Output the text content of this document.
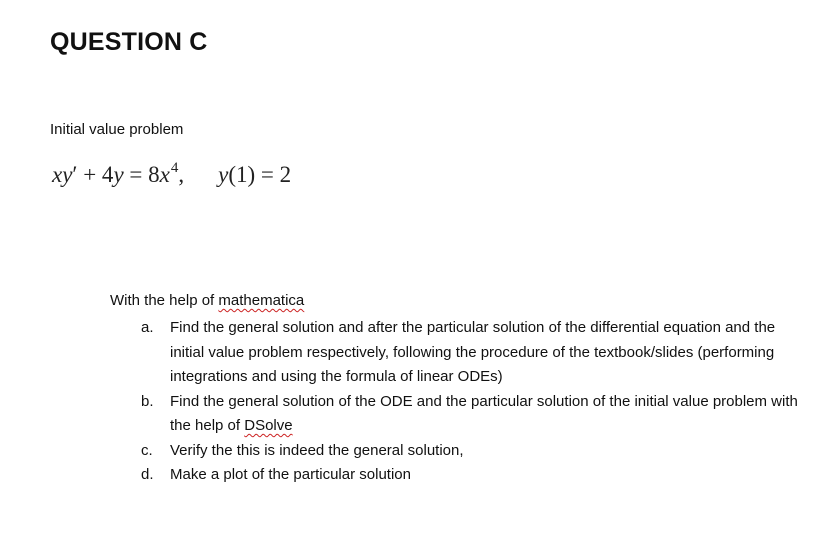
QUESTION C
Initial value problem
$xy' + 4y = 8x^4$, y(1) = 2
With the help of mathematica
a. Find the general solution and after the particular solution of the differential equation and the initial value problem respectively, following the procedure of the textbook/slides (performing integrations and using the formula of linear ODEs)
b. Find the general solution of the ODE and the particular solution of the initial value problem with the help of DSolve
c. Verify the this is indeed the general solution,
d. Make a plot of the particular solution
